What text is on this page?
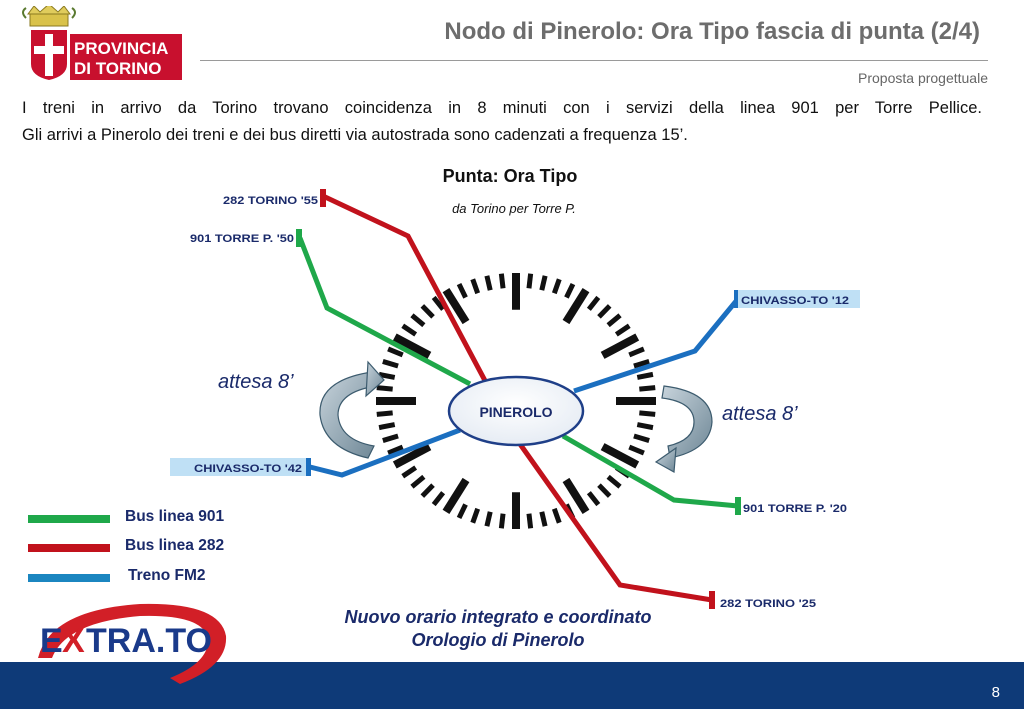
PROVINCIA
DI TORINO
Nodo di Pinerolo: Ora Tipo fascia di punta (2/4)
Proposta progettuale
I treni in arrivo da Torino trovano coincidenza in 8 minuti con i servizi della linea 901 per Torre Pellice.
Gli arrivi a Pinerolo dei treni e dei bus diretti via autostrada sono cadenzati a frequenza 15’.
Punta: Ora Tipo
da Torino per Torre P.
PINEROLO
282 TORINO '55
901 TORRE P. '50
CHIVASSO-TO '12
CHIVASSO-TO '42
901 TORRE P. '20
282 TORINO '25
attesa 8’
attesa 8’
Bus linea 901
Bus linea 282
Treno FM2
Nuovo orario integrato e coordinato
Orologio di Pinerolo
E X TRA.TO
8
